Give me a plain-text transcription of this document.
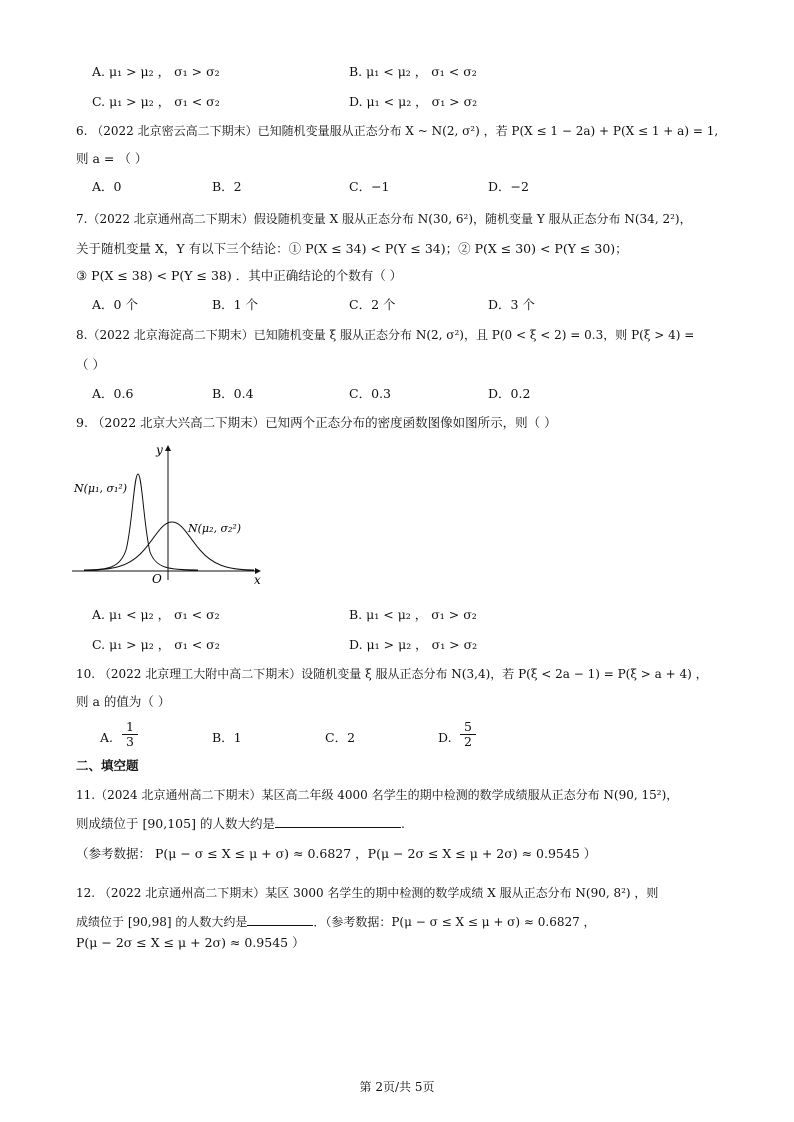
A. μ₁ > μ₂ ， σ₁ > σ₂	B. μ₁ < μ₂ ， σ₁ < σ₂
C. μ₁ > μ₂ ， σ₁ < σ₂	D. μ₁ < μ₂ ， σ₁ > σ₂
6. （2022 北京密云高二下期末）已知随机变量服从正态分布 X ~ N(2, σ²) ，若 P(X ≤ 1 − 2a) + P(X ≤ 1 + a) = 1,
则 a = （ ）
A．0	B．2	C．−1	D．−2
7.（2022 北京通州高二下期末）假设随机变量 X 服从正态分布 N(30, 6²)，随机变量 Y 服从正态分布 N(34, 2²)，
关于随机变量 X，Y 有以下三个结论：① P(X ≤ 34) < P(Y ≤ 34)；② P(X ≤ 30) < P(Y ≤ 30)；
③ P(X ≤ 38) < P(Y ≤ 38) ．其中正确结论的个数有（ ）
A．0 个	B．1 个	C．2 个	D．3 个
8.（2022 北京海淀高二下期末）已知随机变量 ξ 服从正态分布 N(2, σ²)，且 P(0 < ξ < 2) = 0.3，则 P(ξ > 4) =
（ ）
A．0.6	B．0.4	C．0.3	D．0.2
9. （2022 北京大兴高二下期末）已知两个正态分布的密度函数图像如图所示，则（ ）
y
x
O
N(μ₁, σ₁²)
N(μ₂, σ₂²)
A. μ₁ < μ₂ ， σ₁ < σ₂	B. μ₁ < μ₂ ， σ₁ > σ₂
C. μ₁ > μ₂ ， σ₁ < σ₂	D. μ₁ > μ₂ ， σ₁ > σ₂
10. （2022 北京理工大附中高二下期末）设随机变量 ξ 服从正态分布 N(3,4)，若 P(ξ < 2a − 1) = P(ξ > a + 4) ，
则 a 的值为（ ）
A. $\frac{1}{3}$	B．1	C．2	D. $\frac{5}{2}$
二、填空题
11.（2024 北京通州高二下期末）某区高二年级 4000 名学生的期中检测的数学成绩服从正态分布 N(90, 15²)，
则成绩位于 [90,105] 的人数大约是	.
（参考数据： P(μ − σ ≤ X ≤ μ + σ) ≈ 0.6827 ，P(μ − 2σ ≤ X ≤ μ + 2σ) ≈ 0.9545 ）
12. （2022 北京通州高二下期末）某区 3000 名学生的期中检测的数学成绩 X 服从正态分布 N(90, 8²) ，则
成绩位于 [90,98] 的人数大约是	．（参考数据：P(μ − σ ≤ X ≤ μ + σ) ≈ 0.6827 ，
P(μ − 2σ ≤ X ≤ μ + 2σ) ≈ 0.9545 ）
第 2页/共 5页
